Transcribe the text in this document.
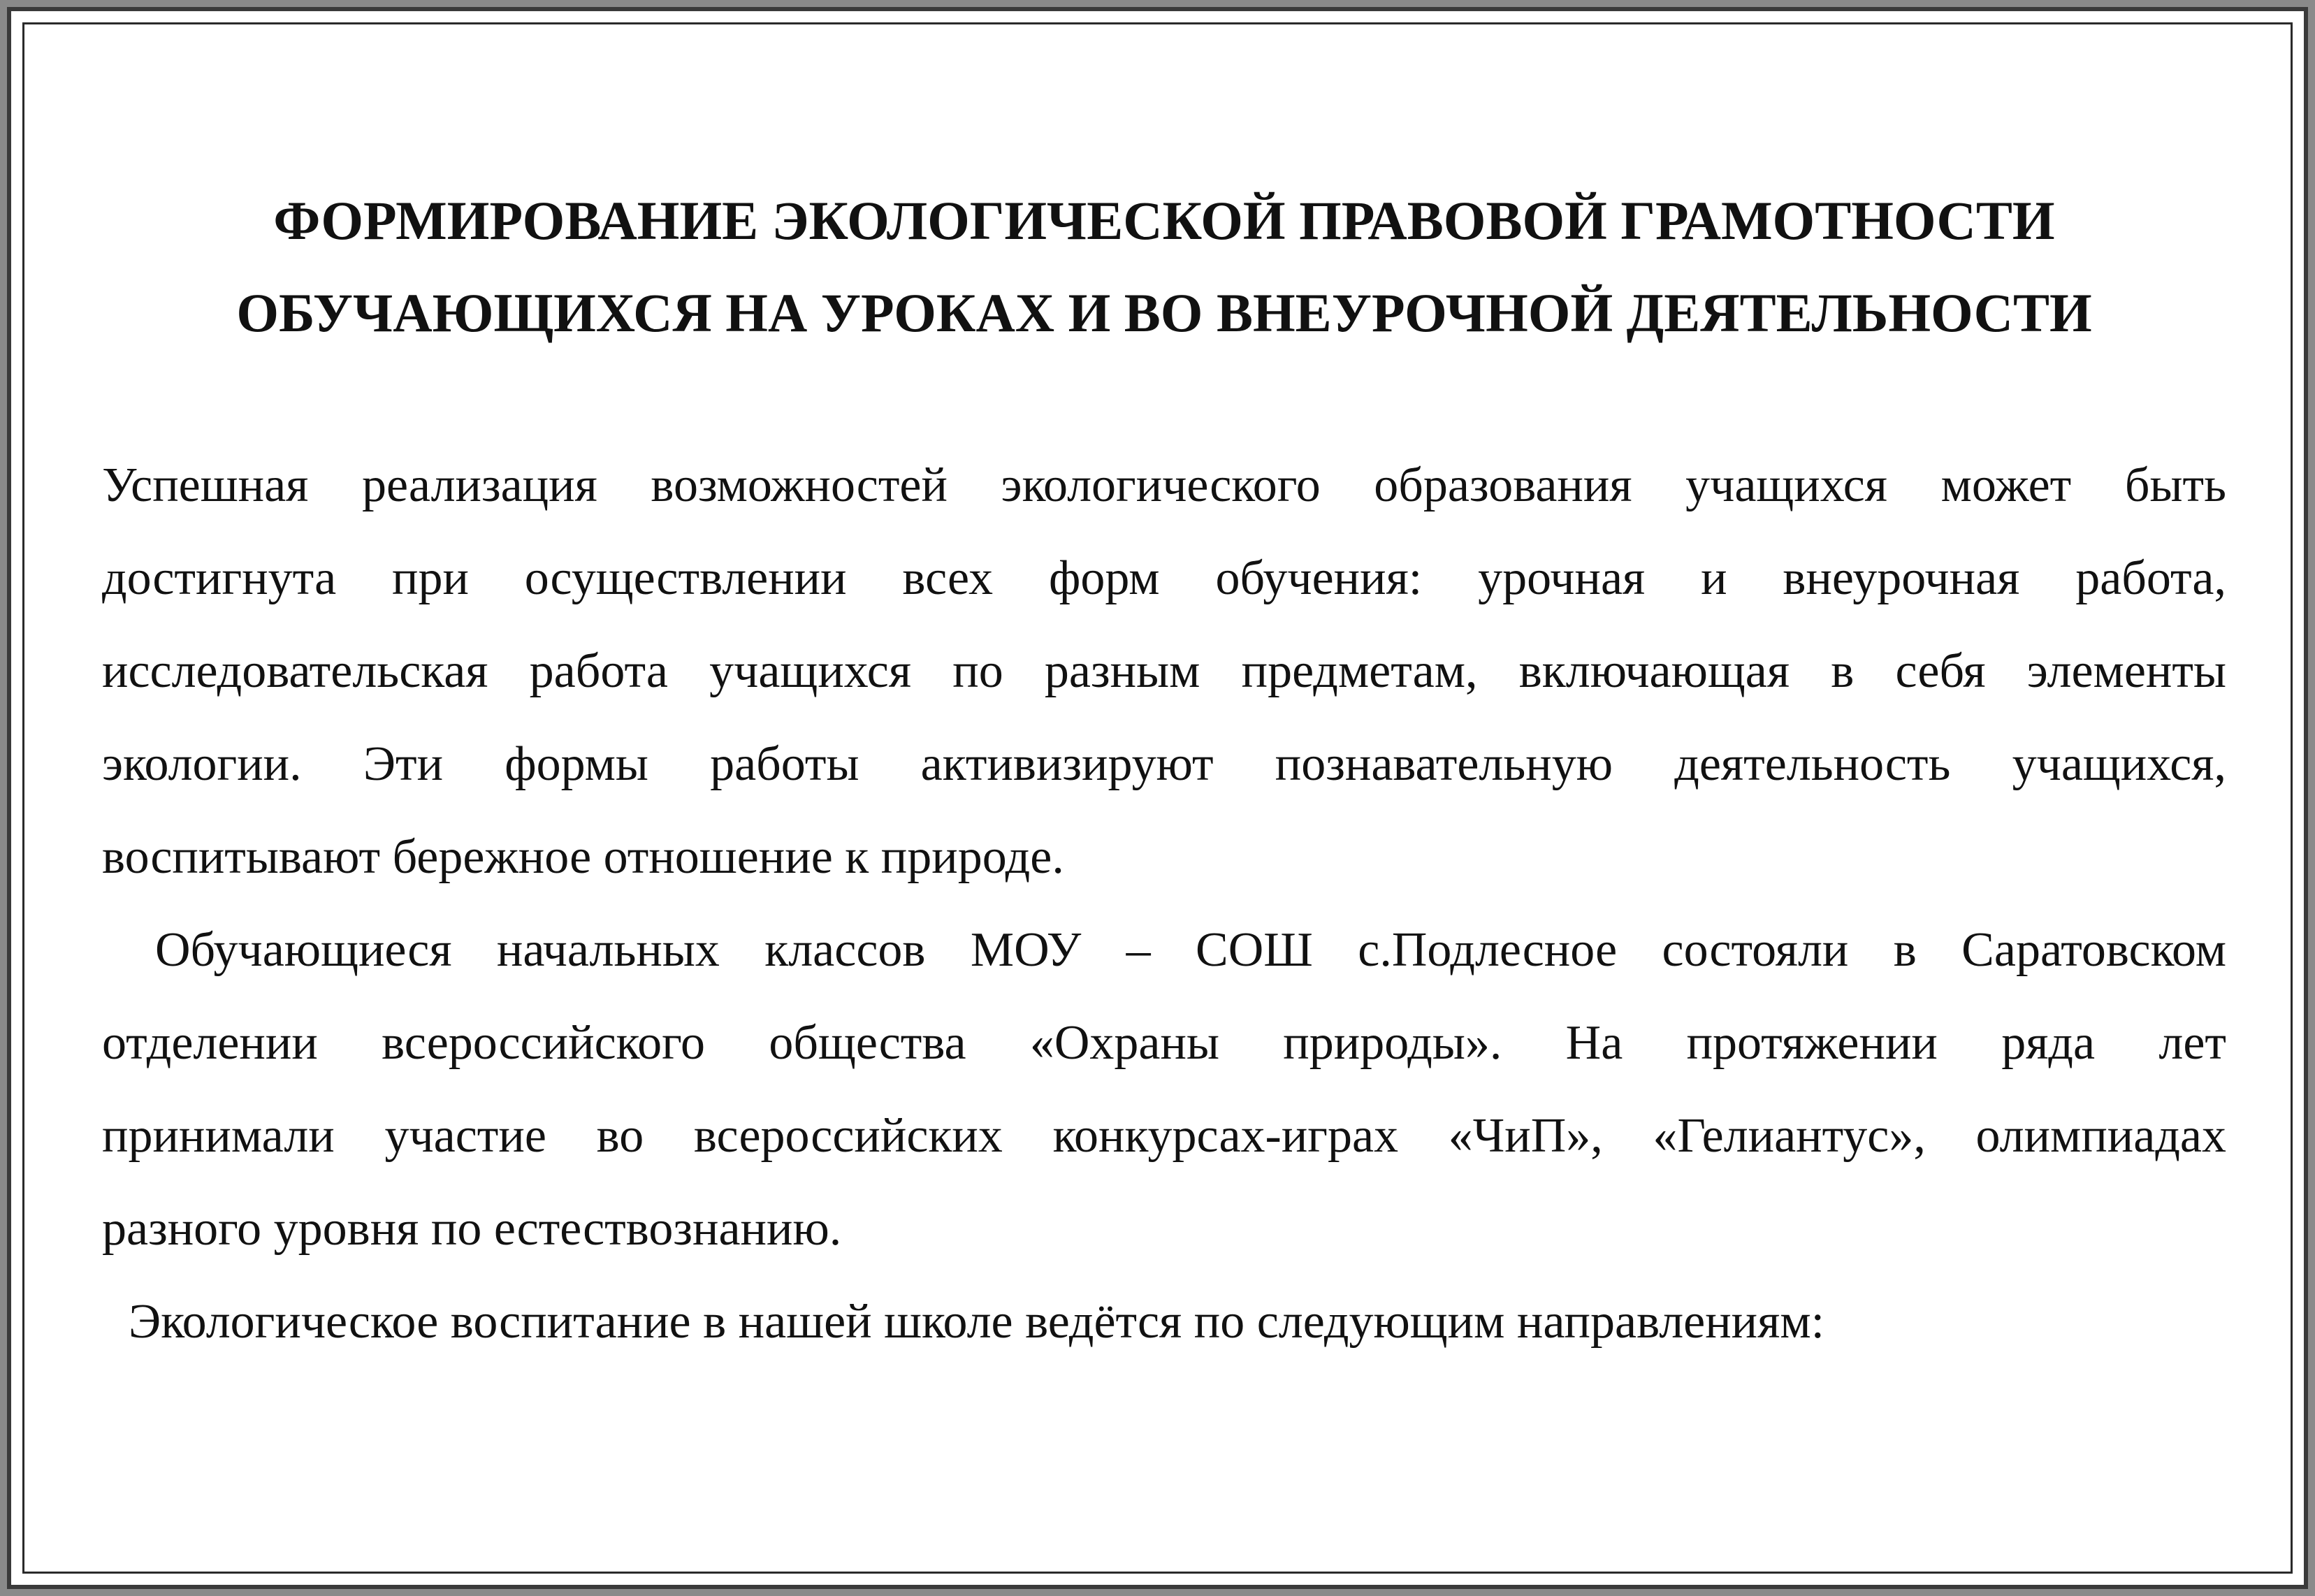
ФОРМИРОВАНИЕ ЭКОЛОГИЧЕСКОЙ ПРАВОВОЙ ГРАМОТНОСТИ
ОБУЧАЮЩИХСЯ НА УРОКАХ И ВО ВНЕУРОЧНОЙ ДЕЯТЕЛЬНОСТИ
Успешная реализация возможностей экологического образования учащихся может быть
достигнута при осуществлении всех форм обучения: урочная и внеурочная работа,
исследовательская работа учащихся по разным предметам, включающая в себя элементы
экологии. Эти формы работы активизируют познавательную деятельность учащихся,
воспитывают бережное отношение к природе.
Обучающиеся начальных классов МОУ – СОШ с.Подлесное состояли в Саратовском
отделении всероссийского общества «Охраны природы». На протяжении ряда лет
принимали участие во всероссийских конкурсах-играх «ЧиП», «Гелиантус», олимпиадах
разного уровня по естествознанию.
Экологическое воспитание в нашей школе ведётся по следующим направлениям:
